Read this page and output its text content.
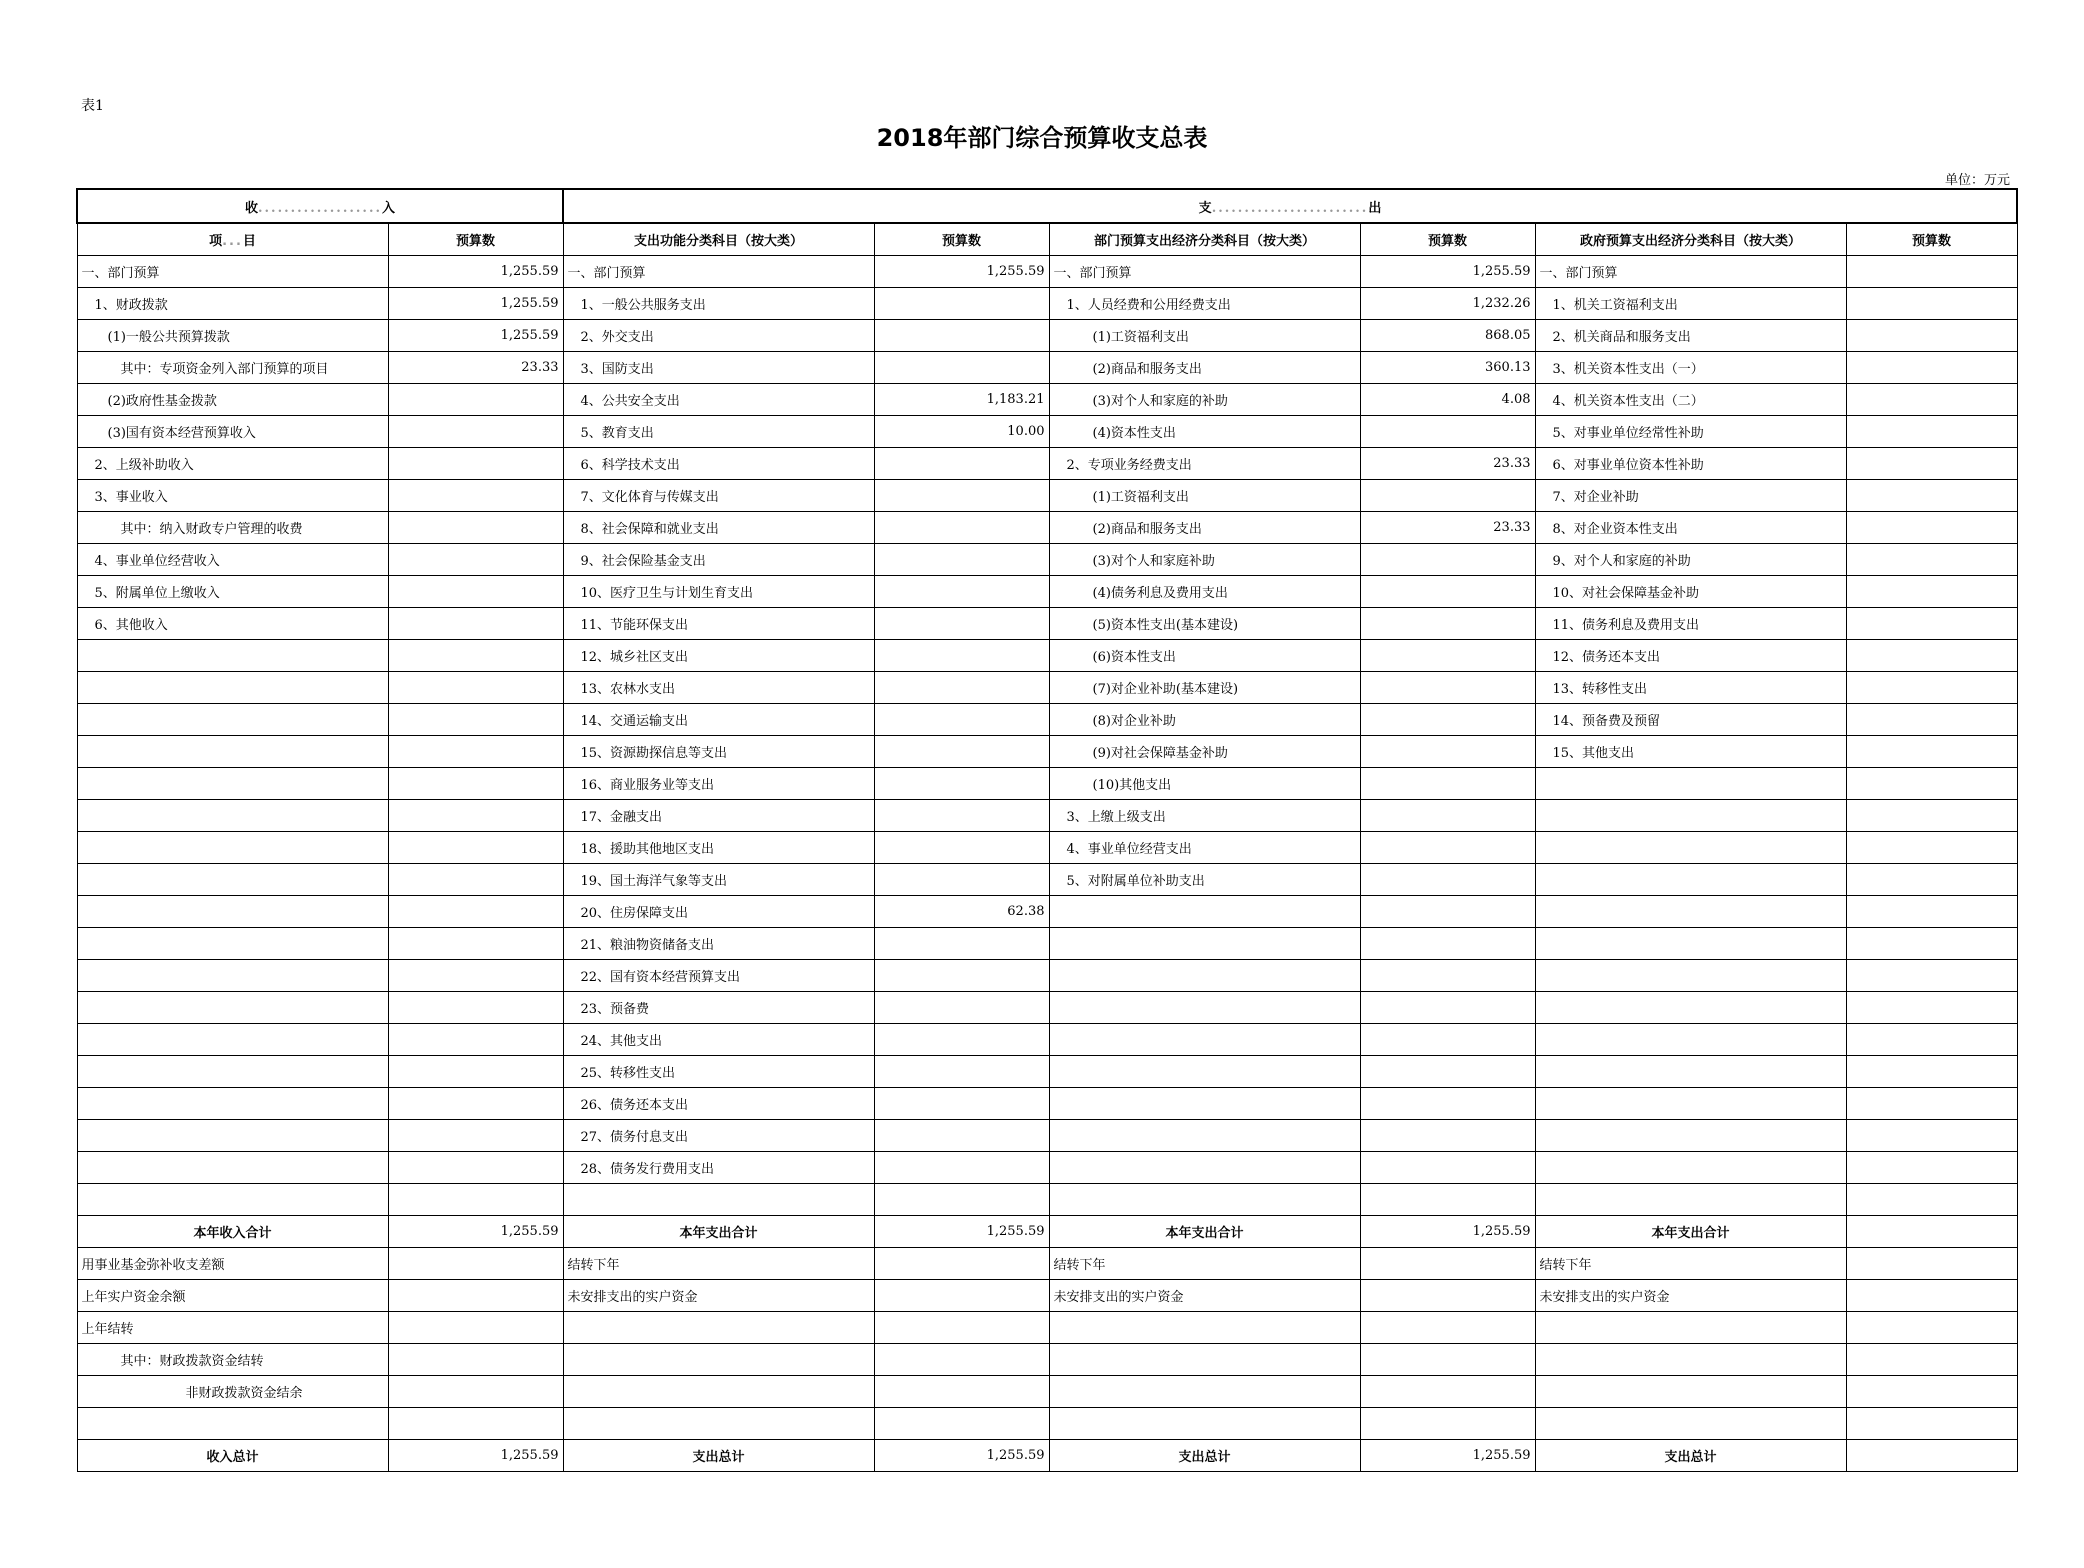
表1
2018年部门综合预算收支总表
单位：万元
收...................入		支........................出					
项...目	预算数	支出功能分类科目（按大类）	预算数	部门预算支出经济分类科目（按大类）	预算数	政府预算支出经济分类科目（按大类）	预算数
一、部门预算	1,255.59	一、部门预算	1,255.59	一、部门预算	1,255.59	一、部门预算	
　1、财政拨款	1,255.59	　1、一般公共服务支出		　1、人员经费和公用经费支出	1,232.26	　1、机关工资福利支出	
　　(1)一般公共预算拨款	1,255.59	　2、外交支出		　　　(1)工资福利支出	868.05	　2、机关商品和服务支出	
　　　其中：专项资金列入部门预算的项目	23.33	　3、国防支出		　　　(2)商品和服务支出	360.13	　3、机关资本性支出（一）	
　　(2)政府性基金拨款		　4、公共安全支出	1,183.21	　　　(3)对个人和家庭的补助	4.08	　4、机关资本性支出（二）	
　　(3)国有资本经营预算收入		　5、教育支出	10.00	　　　(4)资本性支出		　5、对事业单位经常性补助	
　2、上级补助收入		　6、科学技术支出		　2、专项业务经费支出	23.33	　6、对事业单位资本性补助	
　3、事业收入		　7、文化体育与传媒支出		　　　(1)工资福利支出		　7、对企业补助	
　　　其中：纳入财政专户管理的收费		　8、社会保障和就业支出		　　　(2)商品和服务支出	23.33	　8、对企业资本性支出	
　4、事业单位经营收入		　9、社会保险基金支出		　　　(3)对个人和家庭补助		　9、对个人和家庭的补助	
　5、附属单位上缴收入		　10、医疗卫生与计划生育支出		　　　(4)债务利息及费用支出		　10、对社会保障基金补助	
　6、其他收入		　11、节能环保支出		　　　(5)资本性支出(基本建设)		　11、债务利息及费用支出	
		　12、城乡社区支出		　　　(6)资本性支出		　12、债务还本支出	
		　13、农林水支出		　　　(7)对企业补助(基本建设)		　13、转移性支出	
		　14、交通运输支出		　　　(8)对企业补助		　14、预备费及预留	
		　15、资源勘探信息等支出		　　　(9)对社会保障基金补助		　15、其他支出	
		　16、商业服务业等支出		　　　(10)其他支出			
		　17、金融支出		　3、上缴上级支出			
		　18、援助其他地区支出		　4、事业单位经营支出			
		　19、国土海洋气象等支出		　5、对附属单位补助支出			
		　20、住房保障支出	62.38				
		　21、粮油物资储备支出					
		　22、国有资本经营预算支出					
		　23、预备费					
		　24、其他支出					
		　25、转移性支出					
		　26、债务还本支出					
		　27、债务付息支出					
		　28、债务发行费用支出					

本年收入合计	1,255.59	本年支出合计	1,255.59	本年支出合计	1,255.59	本年支出合计	
用事业基金弥补收支差额		结转下年		结转下年		结转下年	
上年实户资金余额		未安排支出的实户资金		未安排支出的实户资金		未安排支出的实户资金	
上年结转							
　　　其中：财政拨款资金结转							
　　　　　　　　非财政拨款资金结余							

收入总计	1,255.59	支出总计	1,255.59	支出总计	1,255.59	支出总计	
